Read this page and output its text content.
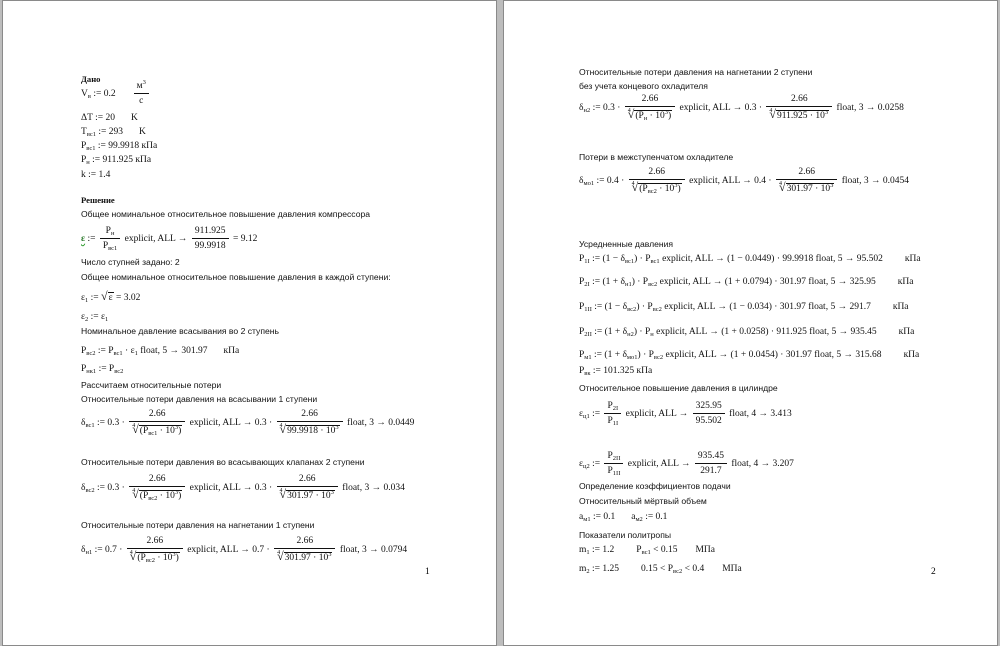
1
Дано
$V_в$ := $0.2 \frac{м^3}{с}$
ΔT := 20 K
$T_{вс1}$ := 293 K
$P_{вс1}$ := 99.9918 кПа
$P_н$ := 911.925 кПа
k := 1.4
Решение
Общее номинальное относительное повышение давления компрессора
ε := $\frac{P_н}{P_{вс1}}$ explicit, ALL → $\frac{911.925}{99.9918} = 9.12$
Число ступней задано: 2
Общее номинальное относительное повышение давления в каждой ступени:
$\varepsilon_1$ := √ ε = 3.02
$\varepsilon_2$ := $\varepsilon_1$
Номинальное давление всасывания во 2 ступень
$P_{вс2}$ := $P_{вс1} \cdot \varepsilon_1$ float, 5 → 301.97 кПа
$P_{нк1}$ := $P_{вс2}$
Рассчитаем относительные потери
Относительные потери давления на всасывании 1 ступени
$\delta_{вс1}$ := $0.3 \cdot \frac{2.66}{^4 √ (P_{вс1} \cdot 10^3)}$ explicit, ALL → $0.3 \cdot \frac{2.66}{^4 √ 99.9918 \cdot 10^3}$ float, 3 → 0.0449
Относительные потери давления во всасывающих клапанах 2 ступени
$\delta_{вс2}$ := $0.3 \cdot \frac{2.66}{^4 √ (P_{вс2} \cdot 10^3)}$ explicit, ALL → $0.3 \cdot \frac{2.66}{^4 √ 301.97 \cdot 10^3}$ float, 3 → 0.034
Относительные потери давления на нагнетании 1 ступени
$\delta_{н1}$ := $0.7 \cdot \frac{2.66}{^4 √ (P_{вс2} \cdot 10^3)}$ explicit, ALL → $0.7 \cdot \frac{2.66}{^4 √ 301.97 \cdot 10^3}$ float, 3 → 0.0794
2
Относительные потери давления на нагнетании 2 ступени
без учета концевого охладителя
$\delta_{н2}$ := $0.3 \cdot \frac{2.66}{^4 √ (P_н \cdot 10^3)}$ explicit, ALL → $0.3 \cdot \frac{2.66}{^4 √ 911.925 \cdot 10^3}$ float, 3 → 0.0258
Потери в межступенчатом охладителе
$\delta_{мо1}$ := $0.4 \cdot \frac{2.66}{^4 √ (P_{вс2} \cdot 10^3)}$ explicit, ALL → $0.4 \cdot \frac{2.66}{^4 √ 301.97 \cdot 10^3}$ float, 3 → 0.0454
Усредненные давления
$P_{1I}$ := $(1 - \delta_{вс1}) \cdot P_{вс1}$ explicit, ALL → (1 − 0.0449) · 99.9918 float, 5 → 95.502 кПа
$P_{2I}$ := $(1 + \delta_{н1}) \cdot P_{вс2}$ explicit, ALL → (1 + 0.0794) · 301.97 float, 5 → 325.95 кПа
$P_{1II}$ := $(1 - \delta_{вс2}) \cdot P_{вс2}$ explicit, ALL → (1 − 0.034) · 301.97 float, 5 → 291.7 кПа
$P_{2II}$ := $(1 + \delta_{н2}) \cdot P_н$ explicit, ALL → (1 + 0.0258) · 911.925 float, 5 → 935.45 кПа
$P_{м1}$ := $(1 + \delta_{мо1}) \cdot P_{вс2}$ explicit, ALL → (1 + 0.0454) · 301.97 float, 5 → 315.68 кПа
$P_{вк}$ := 101.325 кПа
Относительное повышение давления в цилиндре
$\varepsilon_{ц1}$ := $\frac{P_{2I}}{P_{1I}}$ explicit, ALL → $\frac{325.95}{95.502}$ float, 4 → 3.413
$\varepsilon_{ц2}$ := $\frac{P_{2II}}{P_{1II}}$ explicit, ALL → $\frac{935.45}{291.7}$ float, 4 → 3.207
Определение коэффициентов подачи
Относительный мёртвый объем
$a_{м1}$ := 0.1 $a_{м2}$ := 0.1
Показатели политропы
$m_1$ := 1.2 $P_{вс1} < 0.15$ МПа
$m_2$ := 1.25 $0.15 < P_{вс2} < 0.4$ МПа
